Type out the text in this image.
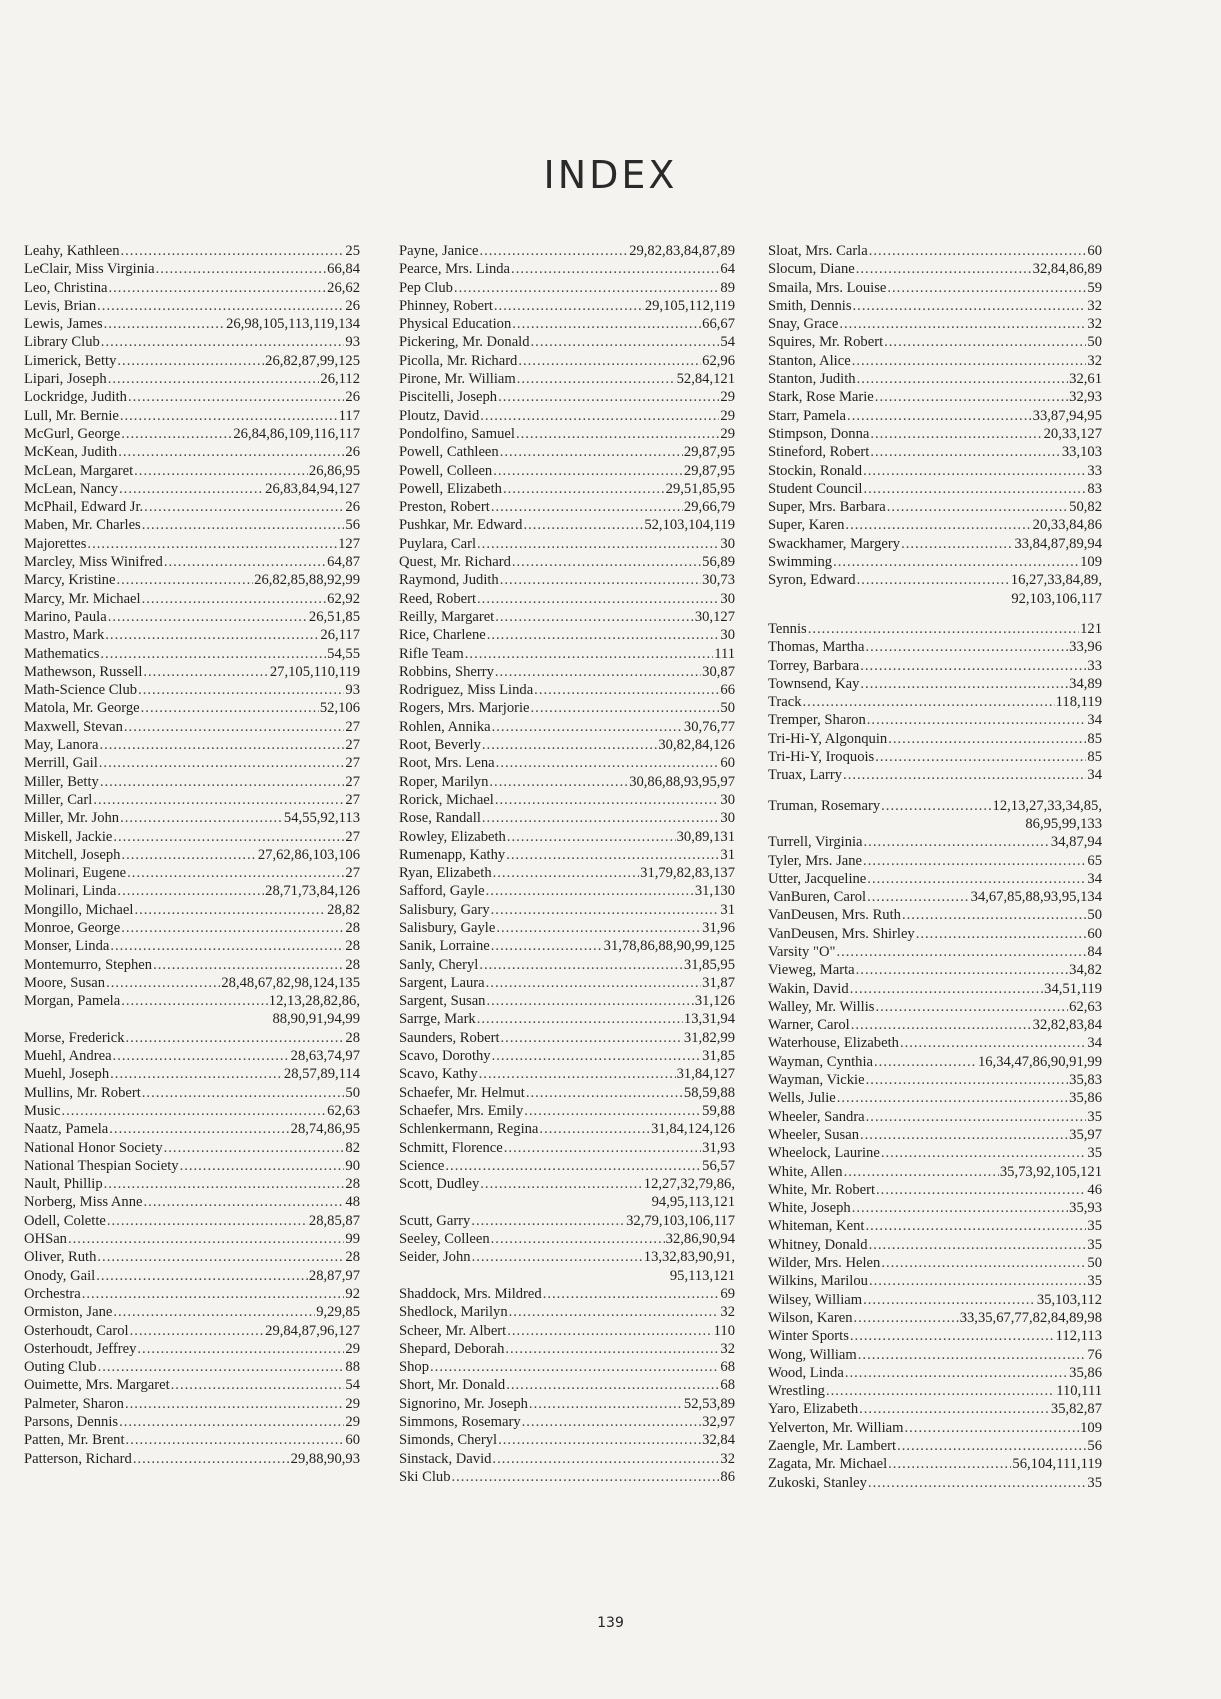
INDEX
Leahy, Kathleen .....	25
LeClair, Miss Virginia .....	66,84
Leo, Christina .....	26,62
Levis, Brian .....	26
Lewis, James .....	26,98,105,113,119,134
Library Club .....	93
Limerick, Betty .....	26,82,87,99,125
Lipari, Joseph .....	26,112
Lockridge, Judith .....	26
Lull, Mr. Bernie .....	117
McGurl, George .....	26,84,86,109,116,117
McKean, Judith .....	26
McLean, Margaret .....	26,86,95
McLean, Nancy .....	26,83,84,94,127
McPhail, Edward Jr. .....	26
Maben, Mr. Charles .....	56
Majorettes .....	127
Marcley, Miss Winifred .....	64,87
Marcy, Kristine .....	26,82,85,88,92,99
Marcy, Mr. Michael .....	62,92
Marino, Paula .....	26,51,85
Mastro, Mark .....	26,117
Mathematics .....	54,55
Mathewson, Russell .....	27,105,110,119
Math-Science Club .....	93
Matola, Mr. George .....	52,106
Maxwell, Stevan .....	27
May, Lanora .....	27
Merrill, Gail .....	27
Miller, Betty .....	27
Miller, Carl .....	27
Miller, Mr. John .....	54,55,92,113
Miskell, Jackie .....	27
Mitchell, Joseph .....	27,62,86,103,106
Molinari, Eugene .....	27
Molinari, Linda .....	28,71,73,84,126
Mongillo, Michael .....	28,82
Monroe, George .....	28
Monser, Linda .....	28
Montemurro, Stephen .....	28
Moore, Susan .....	28,48,67,82,98,124,135
Morgan, Pamela .....	12,13,28,82,86,
88,90,91,94,99
Morse, Frederick .....	28
Muehl, Andrea .....	28,63,74,97
Muehl, Joseph .....	28,57,89,114
Mullins, Mr. Robert .....	50
Music .....	62,63
Naatz, Pamela .....	28,74,86,95
National Honor Society .....	82
National Thespian Society .....	90
Nault, Phillip .....	28
Norberg, Miss Anne .....	48
Odell, Colette .....	28,85,87
OHSan .....	99
Oliver, Ruth .....	28
Onody, Gail .....	28,87,97
Orchestra .....	92
Ormiston, Jane .....	9,29,85
Osterhoudt, Carol .....	29,84,87,96,127
Osterhoudt, Jeffrey .....	29
Outing Club .....	88
Ouimette, Mrs. Margaret .....	54
Palmeter, Sharon .....	29
Parsons, Dennis .....	29
Patten, Mr. Brent .....	60
Patterson, Richard .....	29,88,90,93
Payne, Janice .....	29,82,83,84,87,89
Pearce, Mrs. Linda .....	64
Pep Club .....	89
Phinney, Robert .....	29,105,112,119
Physical Education .....	66,67
Pickering, Mr. Donald .....	54
Picolla, Mr. Richard .....	62,96
Pirone, Mr. William .....	52,84,121
Piscitelli, Joseph .....	29
Ploutz, David .....	29
Pondolfino, Samuel .....	29
Powell, Cathleen .....	29,87,95
Powell, Colleen .....	29,87,95
Powell, Elizabeth .....	29,51,85,95
Preston, Robert .....	29,66,79
Pushkar, Mr. Edward .....	52,103,104,119
Puylara, Carl .....	30
Quest, Mr. Richard .....	56,89
Raymond, Judith .....	30,73
Reed, Robert .....	30
Reilly, Margaret .....	30,127
Rice, Charlene .....	30
Rifle Team .....	111
Robbins, Sherry .....	30,87
Rodriguez, Miss Linda .....	66
Rogers, Mrs. Marjorie .....	50
Rohlen, Annika .....	30,76,77
Root, Beverly .....	30,82,84,126
Root, Mrs. Lena .....	60
Roper, Marilyn .....	30,86,88,93,95,97
Rorick, Michael .....	30
Rose, Randall .....	30
Rowley, Elizabeth .....	30,89,131
Rumenapp, Kathy .....	31
Ryan, Elizabeth .....	31,79,82,83,137
Safford, Gayle .....	31,130
Salisbury, Gary .....	31
Salisbury, Gayle .....	31,96
Sanik, Lorraine .....	31,78,86,88,90,99,125
Sanly, Cheryl .....	31,85,95
Sargent, Laura .....	31,87
Sargent, Susan .....	31,126
Sarrge, Mark .....	13,31,94
Saunders, Robert .....	31,82,99
Scavo, Dorothy .....	31,85
Scavo, Kathy .....	31,84,127
Schaefer, Mr. Helmut .....	58,59,88
Schaefer, Mrs. Emily .....	59,88
Schlenkermann, Regina .....	31,84,124,126
Schmitt, Florence .....	31,93
Science .....	56,57
Scott, Dudley .....	12,27,32,79,86,
94,95,113,121
Scutt, Garry .....	32,79,103,106,117
Seeley, Colleen .....	32,86,90,94
Seider, John .....	13,32,83,90,91,
95,113,121
Shaddock, Mrs. Mildred .....	69
Shedlock, Marilyn .....	32
Scheer, Mr. Albert .....	110
Shepard, Deborah .....	32
Shop .....	68
Short, Mr. Donald .....	68
Signorino, Mr. Joseph .....	52,53,89
Simmons, Rosemary .....	32,97
Simonds, Cheryl .....	32,84
Sinstack, David .....	32
Ski Club .....	86
Sloat, Mrs. Carla .....	60
Slocum, Diane .....	32,84,86,89
Smaila, Mrs. Louise .....	59
Smith, Dennis .....	32
Snay, Grace .....	32
Squires, Mr. Robert .....	50
Stanton, Alice .....	32
Stanton, Judith .....	32,61
Stark, Rose Marie .....	32,93
Starr, Pamela .....	33,87,94,95
Stimpson, Donna .....	20,33,127
Stineford, Robert .....	33,103
Stockin, Ronald .....	33
Student Council .....	83
Super, Mrs. Barbara .....	50,82
Super, Karen .....	20,33,84,86
Swackhamer, Margery .....	33,84,87,89,94
Swimming .....	109
Syron, Edward .....	16,27,33,84,89,
92,103,106,117
Tennis .....	121
Thomas, Martha .....	33,96
Torrey, Barbara .....	33
Townsend, Kay .....	34,89
Track .....	118,119
Tremper, Sharon .....	34
Tri-Hi-Y, Algonquin .....	85
Tri-Hi-Y, Iroquois .....	85
Truax, Larry .....	34
Truman, Rosemary .....	12,13,27,33,34,85,
86,95,99,133
Turrell, Virginia .....	34,87,94
Tyler, Mrs. Jane .....	65
Utter, Jacqueline .....	34
VanBuren, Carol .....	34,67,85,88,93,95,134
VanDeusen, Mrs. Ruth .....	50
VanDeusen, Mrs. Shirley .....	60
Varsity "O" .....	84
Vieweg, Marta .....	34,82
Wakin, David .....	34,51,119
Walley, Mr. Willis .....	62,63
Warner, Carol .....	32,82,83,84
Waterhouse, Elizabeth .....	34
Wayman, Cynthia .....	16,34,47,86,90,91,99
Wayman, Vickie .....	35,83
Wells, Julie .....	35,86
Wheeler, Sandra .....	35
Wheeler, Susan .....	35,97
Wheelock, Laurine .....	35
White, Allen .....	35,73,92,105,121
White, Mr. Robert .....	46
White, Joseph .....	35,93
Whiteman, Kent .....	35
Whitney, Donald .....	35
Wilder, Mrs. Helen .....	50
Wilkins, Marilou .....	35
Wilsey, William .....	35,103,112
Wilson, Karen .....	33,35,67,77,82,84,89,98
Winter Sports .....	112,113
Wong, William .....	76
Wood, Linda .....	35,86
Wrestling .....	110,111
Yaro, Elizabeth .....	35,82,87
Yelverton, Mr. William .....	109
Zaengle, Mr. Lambert .....	56
Zagata, Mr. Michael .....	56,104,111,119
Zukoski, Stanley .....	35
139
